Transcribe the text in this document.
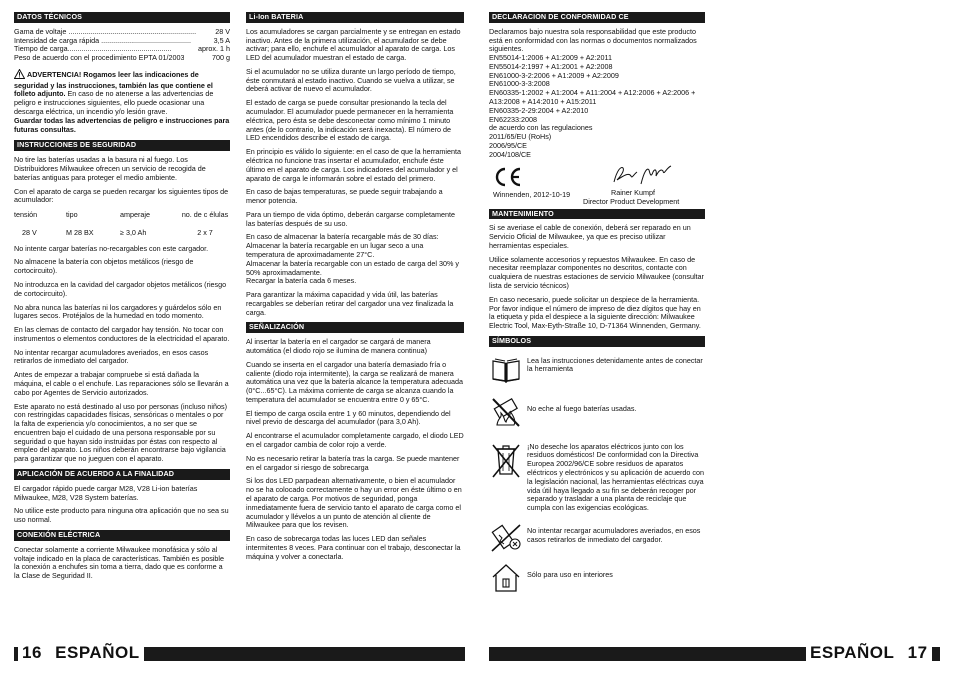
DATOS TÉCNICOS
Gama de voltaje ................................................................	28 V
Intensidad de carga rápida .............................................	3,5 A
Tiempo de carga....................................................	aprox. 1 h
Peso de acuerdo con el procedimiento EPTA 01/2003	700 g
ADVERTENCIA! Rogamos leer las indicaciones de seguridad y las instrucciones, también las que contiene el folleto adjunto. En caso de no atenerse a las advertencias de peligro e instrucciones siguientes, ello puede ocasionar una descarga eléctrica, un incendio y/o lesión grave.
Guardar todas las advertencias de peligro e instrucciones para futuras consultas.
INSTRUCCIONES DE SEGURIDAD

No tire las baterías usadas a la basura ni al fuego. Los Distribuidores Milwaukee ofrecen un servicio de recogida de baterías antiguas para proteger el medio ambiente.

Con el aparato de carga se pueden recargar los siguientes tipos de acumulador:

tensión	tipo	amperaje	no. de c élulas
28 V	M 28 BX	≥ 3,0 Ah	2 x 7

No intente cargar baterías no-recargables con este cargador.

No almacene la batería con objetos metálicos (riesgo de cortocircuito).

No introduzca en la cavidad del cargador objetos metálicos (riesgo de cortocircuito).

No abra nunca las baterías ni los cargadores y guárdelos sólo en lugares secos. Protéjalos de la humedad en todo momento.

En las clemas de contacto del cargador hay tensión. No tocar con instrumentos o elementos conductores de la electricidad el aparato.

No intentar recargar acumuladores averiados, en esos casos retirarlos de inmediato del cargador.

Antes de empezar a trabajar compruebe si está dañada la máquina, el cable o el enchufe. Las reparaciones sólo se llevarán a cabo por Agentes de Servicio autorizados.

Este aparato no está destinado al uso por personas (incluso niños) con restringidas capacidades físicas, sensóricas o mentales o por la falta de experiencia y/o conocimientos, a no ser que se encuentren bajo el cuidado de una persona responsable por su seguridad o que hayan sido instruidas por éstas con respecto al empleo del aparato. Los niños deberán encontrarse bajo vigilancia para garantizar que no jueguen con el aparato.

APLICACIÓN DE ACUERDO A LA FINALIDAD

El cargador rápido puede cargar M28, V28 Li-ion baterías Milwaukee, M28, V28 System baterías.

No utilice este producto para ninguna otra aplicación que no sea su uso normal.

CONEXIÓN ELÉCTRICA

Conectar solamente a corriente Milwaukee monofásica y sólo al voltaje indicado en la placa de características. También es posible la conexión a enchufes sin toma a tierra, dado que es conforme a la Clase de Seguridad II.

Li-Ion BATERIA

Los acumuladores se cargan parcialmente y se entregan en estado inactivo. Antes de la primera utilización, el acumulador se debe activar; para ello, enchufe el acumulador al aparato de carga. Los LED del acumulador muestran el estado de carga.

Si el acumulador no se utiliza durante un largo período de tiempo, éste conmutará al estado inactivo. Cuando se vuelva a utilizar, se deberá activar de nuevo el acumulador.

El estado de carga se puede consultar presionando la tecla del acumulador. El acumulador puede permanecer en la herramienta eléctrica, pero ésta se debe desconectar como mínimo 1 minuto antes (de lo contrario, la indicación será inexacta). El número de LED encendidos describe el estado de carga.

En principio es válido lo siguiente: en el caso de que la herramienta eléctrica no funcione tras insertar el acumulador, enchufe éste último en el aparato de carga. Los indicadores del acumulador y el aparato de carga le informarán sobre el estado del primero.

En caso de bajas temperaturas, se puede seguir trabajando a menor potencia.

Para un tiempo de vida óptimo, deberán cargarse completamente las baterías después de su uso.

En caso de almacenar la batería recargable más de 30 días:
Almacenar la batería recargable en un lugar seco a una temperatura de aproximadamente 27°C.
Almacenar la batería recargable con un estado de carga del 30% y 50% aproximadamente.
Recargar la batería cada 6 meses.

Para garantizar la máxima capacidad y vida útil, las baterías recargables se deberían retirar del cargador una vez finalizada la carga.

SEÑALIZACIÓN

Al insertar la batería en el cargador se cargará de manera automática (el diodo rojo se ilumina de manera continua)

Cuando se inserta en el cargador una batería demasiado fría o caliente (diodo roja intermitente), la carga se realizará de manera automática una vez que la batería alcance la temperatura adecuada (0°C...65°C). La máxima corriente de carga se alcanza cuando la temperatura del acumulador se encuentra entre 0 y 65°C.

El tiempo de carga oscila entre 1 y 60 minutos, dependiendo del nivel previo de descarga del acumulador (para 3,0 Ah).

Al encontrarse el acumulador completamente cargado, el diodo LED en el cargador cambia de color rojo a verde.

No es necesario retirar la batería tras la carga. Se puede mantener en el cargador si riesgo de sobrecarga

Si los dos LED parpadean alternativamente, o bien el acumulador no se ha colocado correctamente o hay un error en éste último o en el aparato de carga. Por motivos de seguridad, ponga inmediatamente fuera de servicio tanto el aparato de carga como el acumulador y llévelos a un punto de atención al cliente de Milwaukee para que los revisen.

En caso de sobrecarga todas las luces LED dan señales intermitentes 8 veces. Para continuar con el trabajo, desconectar la máquina y volver a conectarla.

DECLARACION DE CONFORMIDAD CE

Declaramos bajo nuestra sola responsabilidad que este producto está en conformidad con las normas o documentos normalizados siguientes.

EN55014-1:2006 + A1:2009 + A2:2011
EN55014-2:1997 + A1:2001 + A2:2008
EN61000-3-2:2006 + A1:2009 + A2:2009
EN61000-3-3:2008
EN60335-1:2002 + A1:2004 + A11:2004 + A12:2006 + A2:2006 + A13:2008 + A14:2010 + A15:2011
EN60335-2-29:2004 + A2:2010
EN62233:2008
de acuerdo con las regulaciones
2011/65/EU (RoHs)
2006/95/CE
2004/108/CE
Winnenden, 2012-10-19	Rainer Kumpf
Director Product Development
MANTENIMIENTO

Si se averiase el cable de conexión, deberá ser reparado en un Servicio Oficial de Milwaukee, ya que es preciso utilizar herramientas especiales.

Utilice solamente accesorios y repuestos Milwaukee. En caso de necesitar reemplazar componentes no descritos, contacte con cualquiera de nuestras estaciones de servicio Milwaukee (consultar lista de servicio técnicos)

En caso necesario, puede solicitar un despiece de la herramienta. Por favor indique el número de impreso de diez dígitos que hay en la etiqueta y pida el despiece a la siguiente dirección: Milwaukee Electric Tool, Max-Eyth-Straße 10, D-71364 Winnenden, Germany.

SÍMBOLOS
Lea las instrucciones detenidamente antes de conectar la herramienta
No eche al fuego baterías usadas.
¡No deseche los aparatos eléctricos junto con los residuos domésticos! De conformidad con la Directiva Europea 2002/96/CE sobre residuos de aparatos eléctricos y electrónicos y su aplicación de acuerdo con la legislación nacional, las herramientas eléctricas cuya vida útil haya llegado a su fin se deberán recoger por separado y trasladar a una planta de reciclaje que cumpla con las exigencias ecológicas.
No intentar recargar acumuladores averiados, en esos casos retirarlos de inmediato del cargador.
Sólo para uso en interiores
16 ESPAÑOL	ESPAÑOL 17
